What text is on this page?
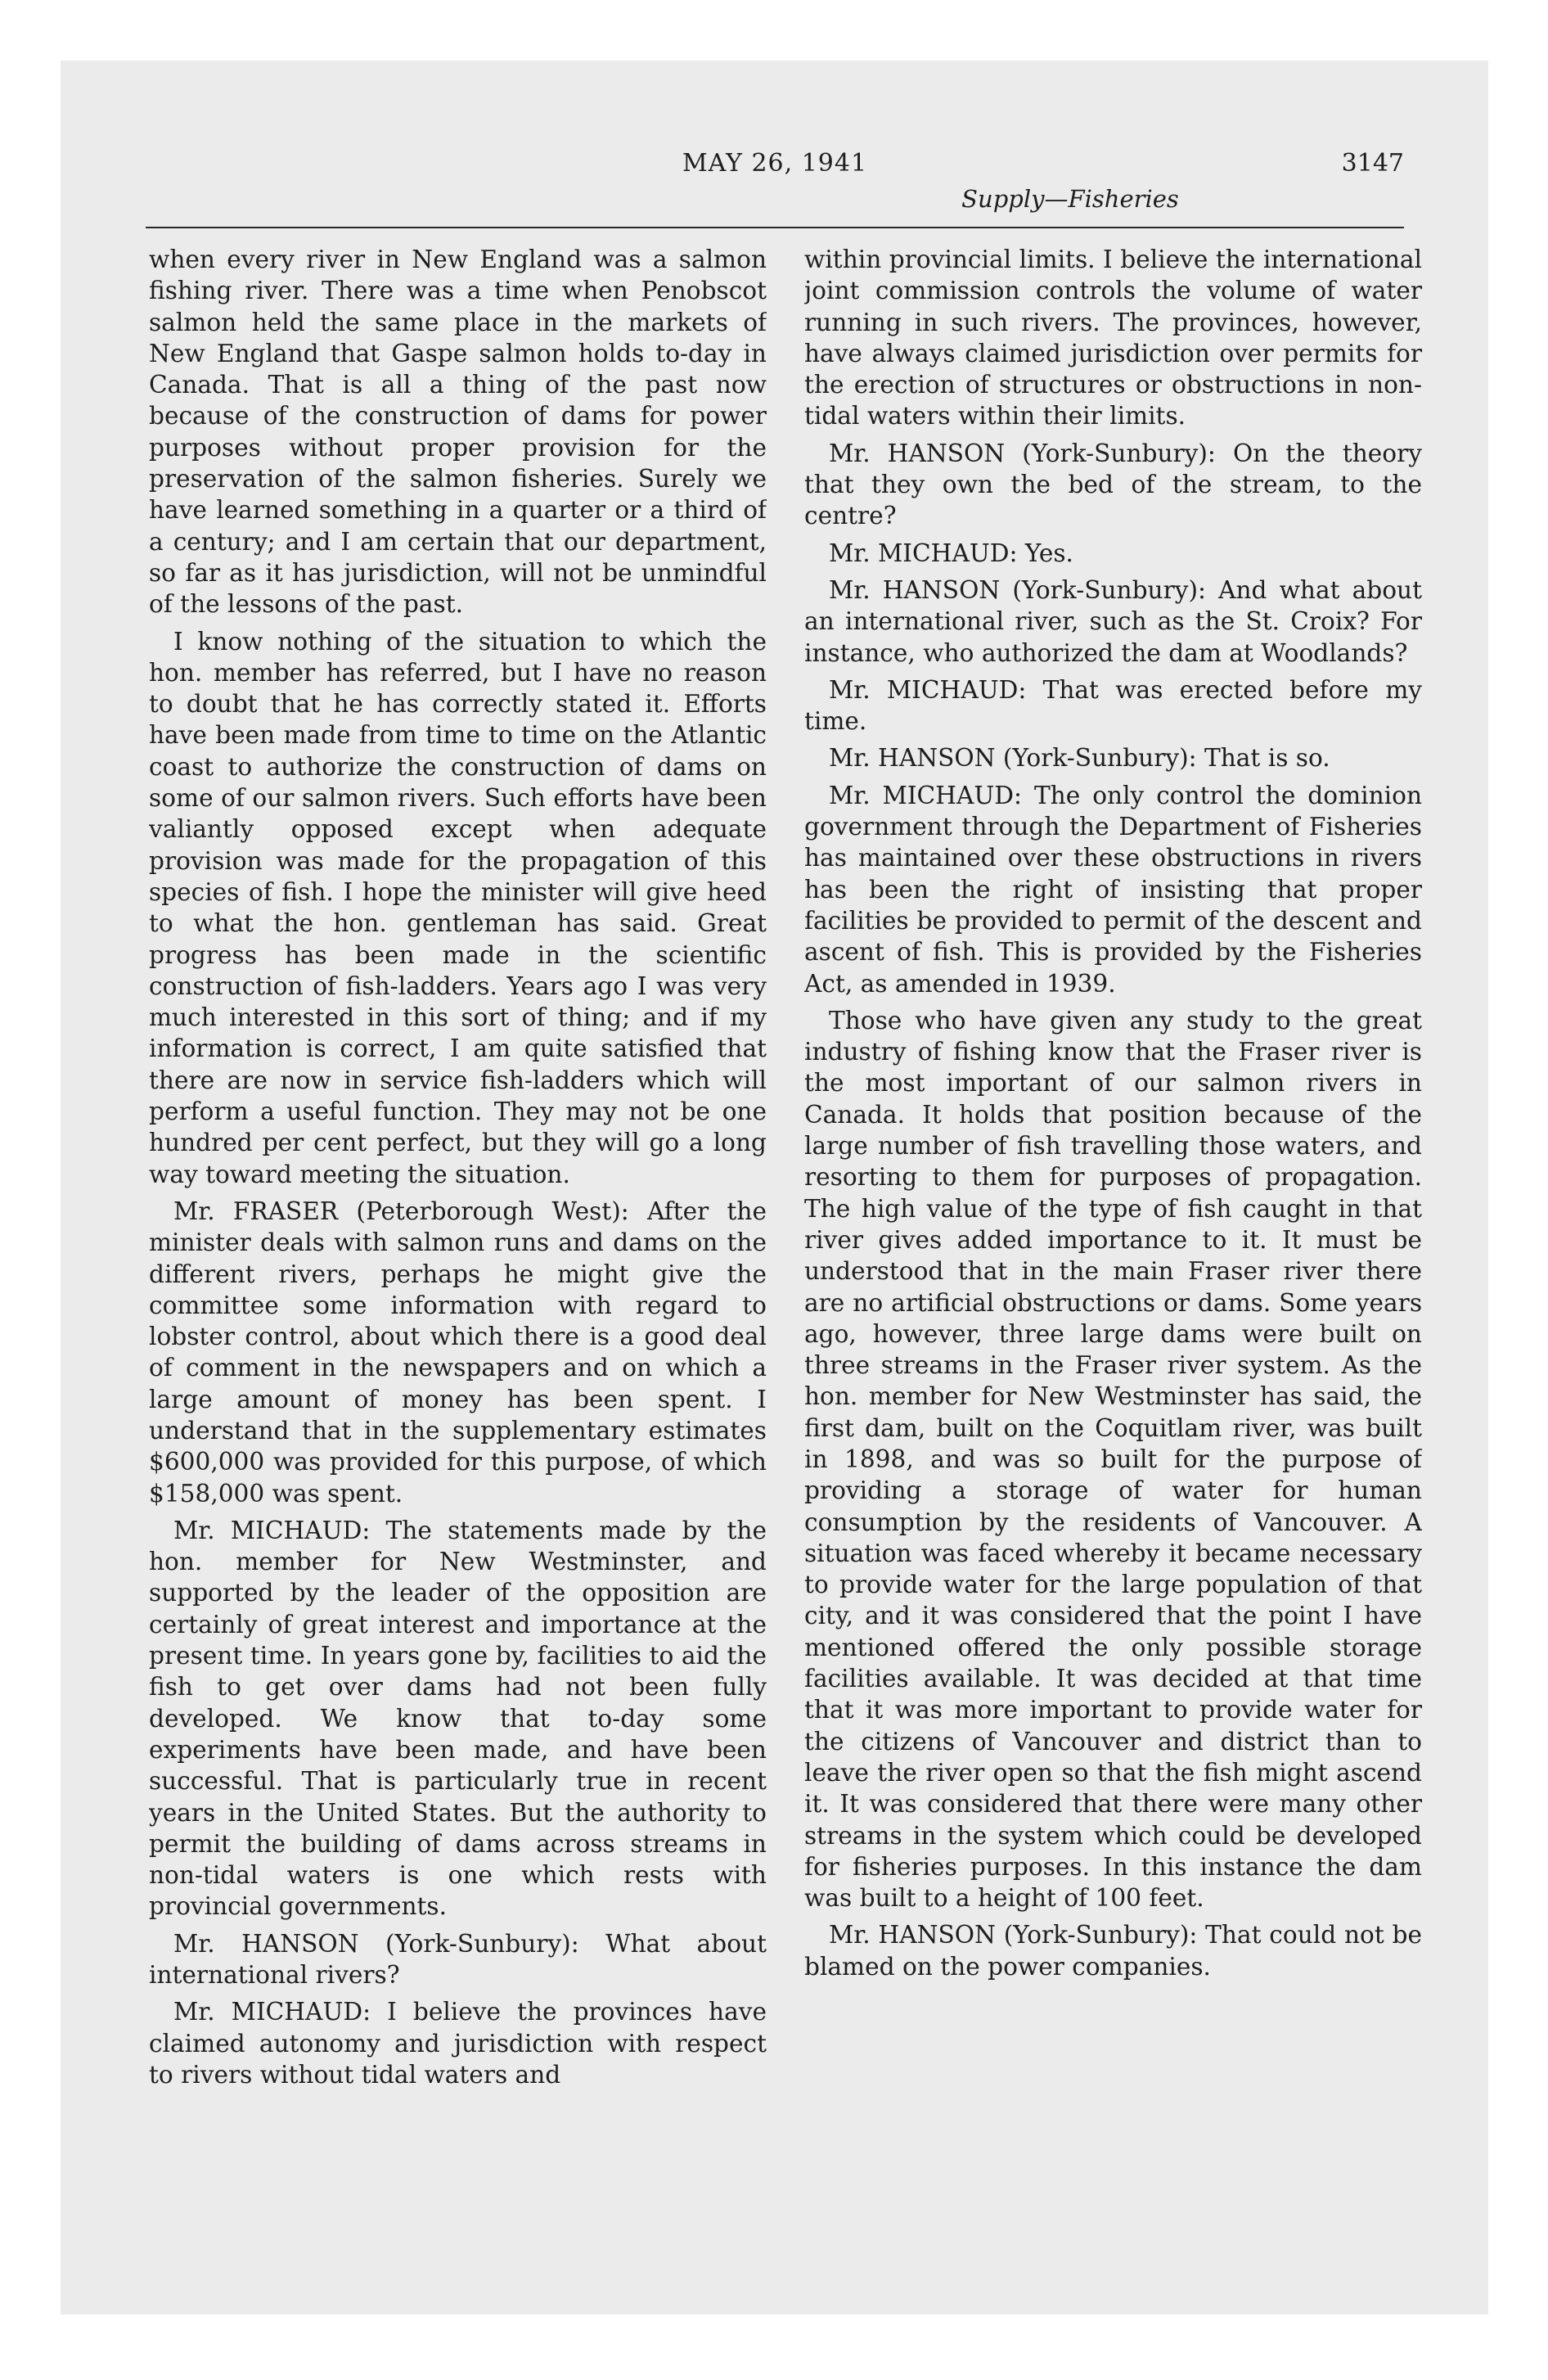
MAY 26, 1941	3147
Supply—Fisheries

when every river in New England was a salmon fishing river. There was a time when Penobscot salmon held the same place in the markets of New England that Gaspe salmon holds to-day in Canada. That is all a thing of the past now because of the construction of dams for power purposes without proper provision for the preservation of the salmon fisheries. Surely we have learned something in a quarter or a third of a century; and I am certain that our department, so far as it has jurisdiction, will not be unmindful of the lessons of the past.

I know nothing of the situation to which the hon. member has referred, but I have no reason to doubt that he has correctly stated it. Efforts have been made from time to time on the Atlantic coast to authorize the construction of dams on some of our salmon rivers. Such efforts have been valiantly opposed except when adequate provision was made for the propagation of this species of fish. I hope the minister will give heed to what the hon. gentleman has said. Great progress has been made in the scientific construction of fish-ladders. Years ago I was very much interested in this sort of thing; and if my information is correct, I am quite satisfied that there are now in service fish-ladders which will perform a useful function. They may not be one hundred per cent perfect, but they will go a long way toward meeting the situation.

Mr. FRASER (Peterborough West): After the minister deals with salmon runs and dams on the different rivers, perhaps he might give the committee some information with regard to lobster control, about which there is a good deal of comment in the newspapers and on which a large amount of money has been spent. I understand that in the supplementary estimates $600,000 was provided for this purpose, of which $158,000 was spent.

Mr. MICHAUD: The statements made by the hon. member for New Westminster, and supported by the leader of the opposition are certainly of great interest and importance at the present time. In years gone by, facilities to aid the fish to get over dams had not been fully developed. We know that to-day some experiments have been made, and have been successful. That is particularly true in recent years in the United States. But the authority to permit the building of dams across streams in non-tidal waters is one which rests with provincial governments.

Mr. HANSON (York-Sunbury): What about international rivers?

Mr. MICHAUD: I believe the provinces have claimed autonomy and jurisdiction with respect to rivers without tidal waters and

within provincial limits. I believe the international joint commission controls the volume of water running in such rivers. The provinces, however, have always claimed jurisdiction over permits for the erection of structures or obstructions in non-tidal waters within their limits.

Mr. HANSON (York-Sunbury): On the theory that they own the bed of the stream, to the centre?

Mr. MICHAUD: Yes.

Mr. HANSON (York-Sunbury): And what about an international river, such as the St. Croix? For instance, who authorized the dam at Woodlands?

Mr. MICHAUD: That was erected before my time.

Mr. HANSON (York-Sunbury): That is so.

Mr. MICHAUD: The only control the dominion government through the Department of Fisheries has maintained over these obstructions in rivers has been the right of insisting that proper facilities be provided to permit of the descent and ascent of fish. This is provided by the Fisheries Act, as amended in 1939.

Those who have given any study to the great industry of fishing know that the Fraser river is the most important of our salmon rivers in Canada. It holds that position because of the large number of fish travelling those waters, and resorting to them for purposes of propagation. The high value of the type of fish caught in that river gives added importance to it. It must be understood that in the main Fraser river there are no artificial obstructions or dams. Some years ago, however, three large dams were built on three streams in the Fraser river system. As the hon. member for New Westminster has said, the first dam, built on the Coquitlam river, was built in 1898, and was so built for the purpose of providing a storage of water for human consumption by the residents of Vancouver. A situation was faced whereby it became necessary to provide water for the large population of that city, and it was considered that the point I have mentioned offered the only possible storage facilities available. It was decided at that time that it was more important to provide water for the citizens of Vancouver and district than to leave the river open so that the fish might ascend it. It was considered that there were many other streams in the system which could be developed for fisheries purposes. In this instance the dam was built to a height of 100 feet.

Mr. HANSON (York-Sunbury): That could not be blamed on the power companies.
